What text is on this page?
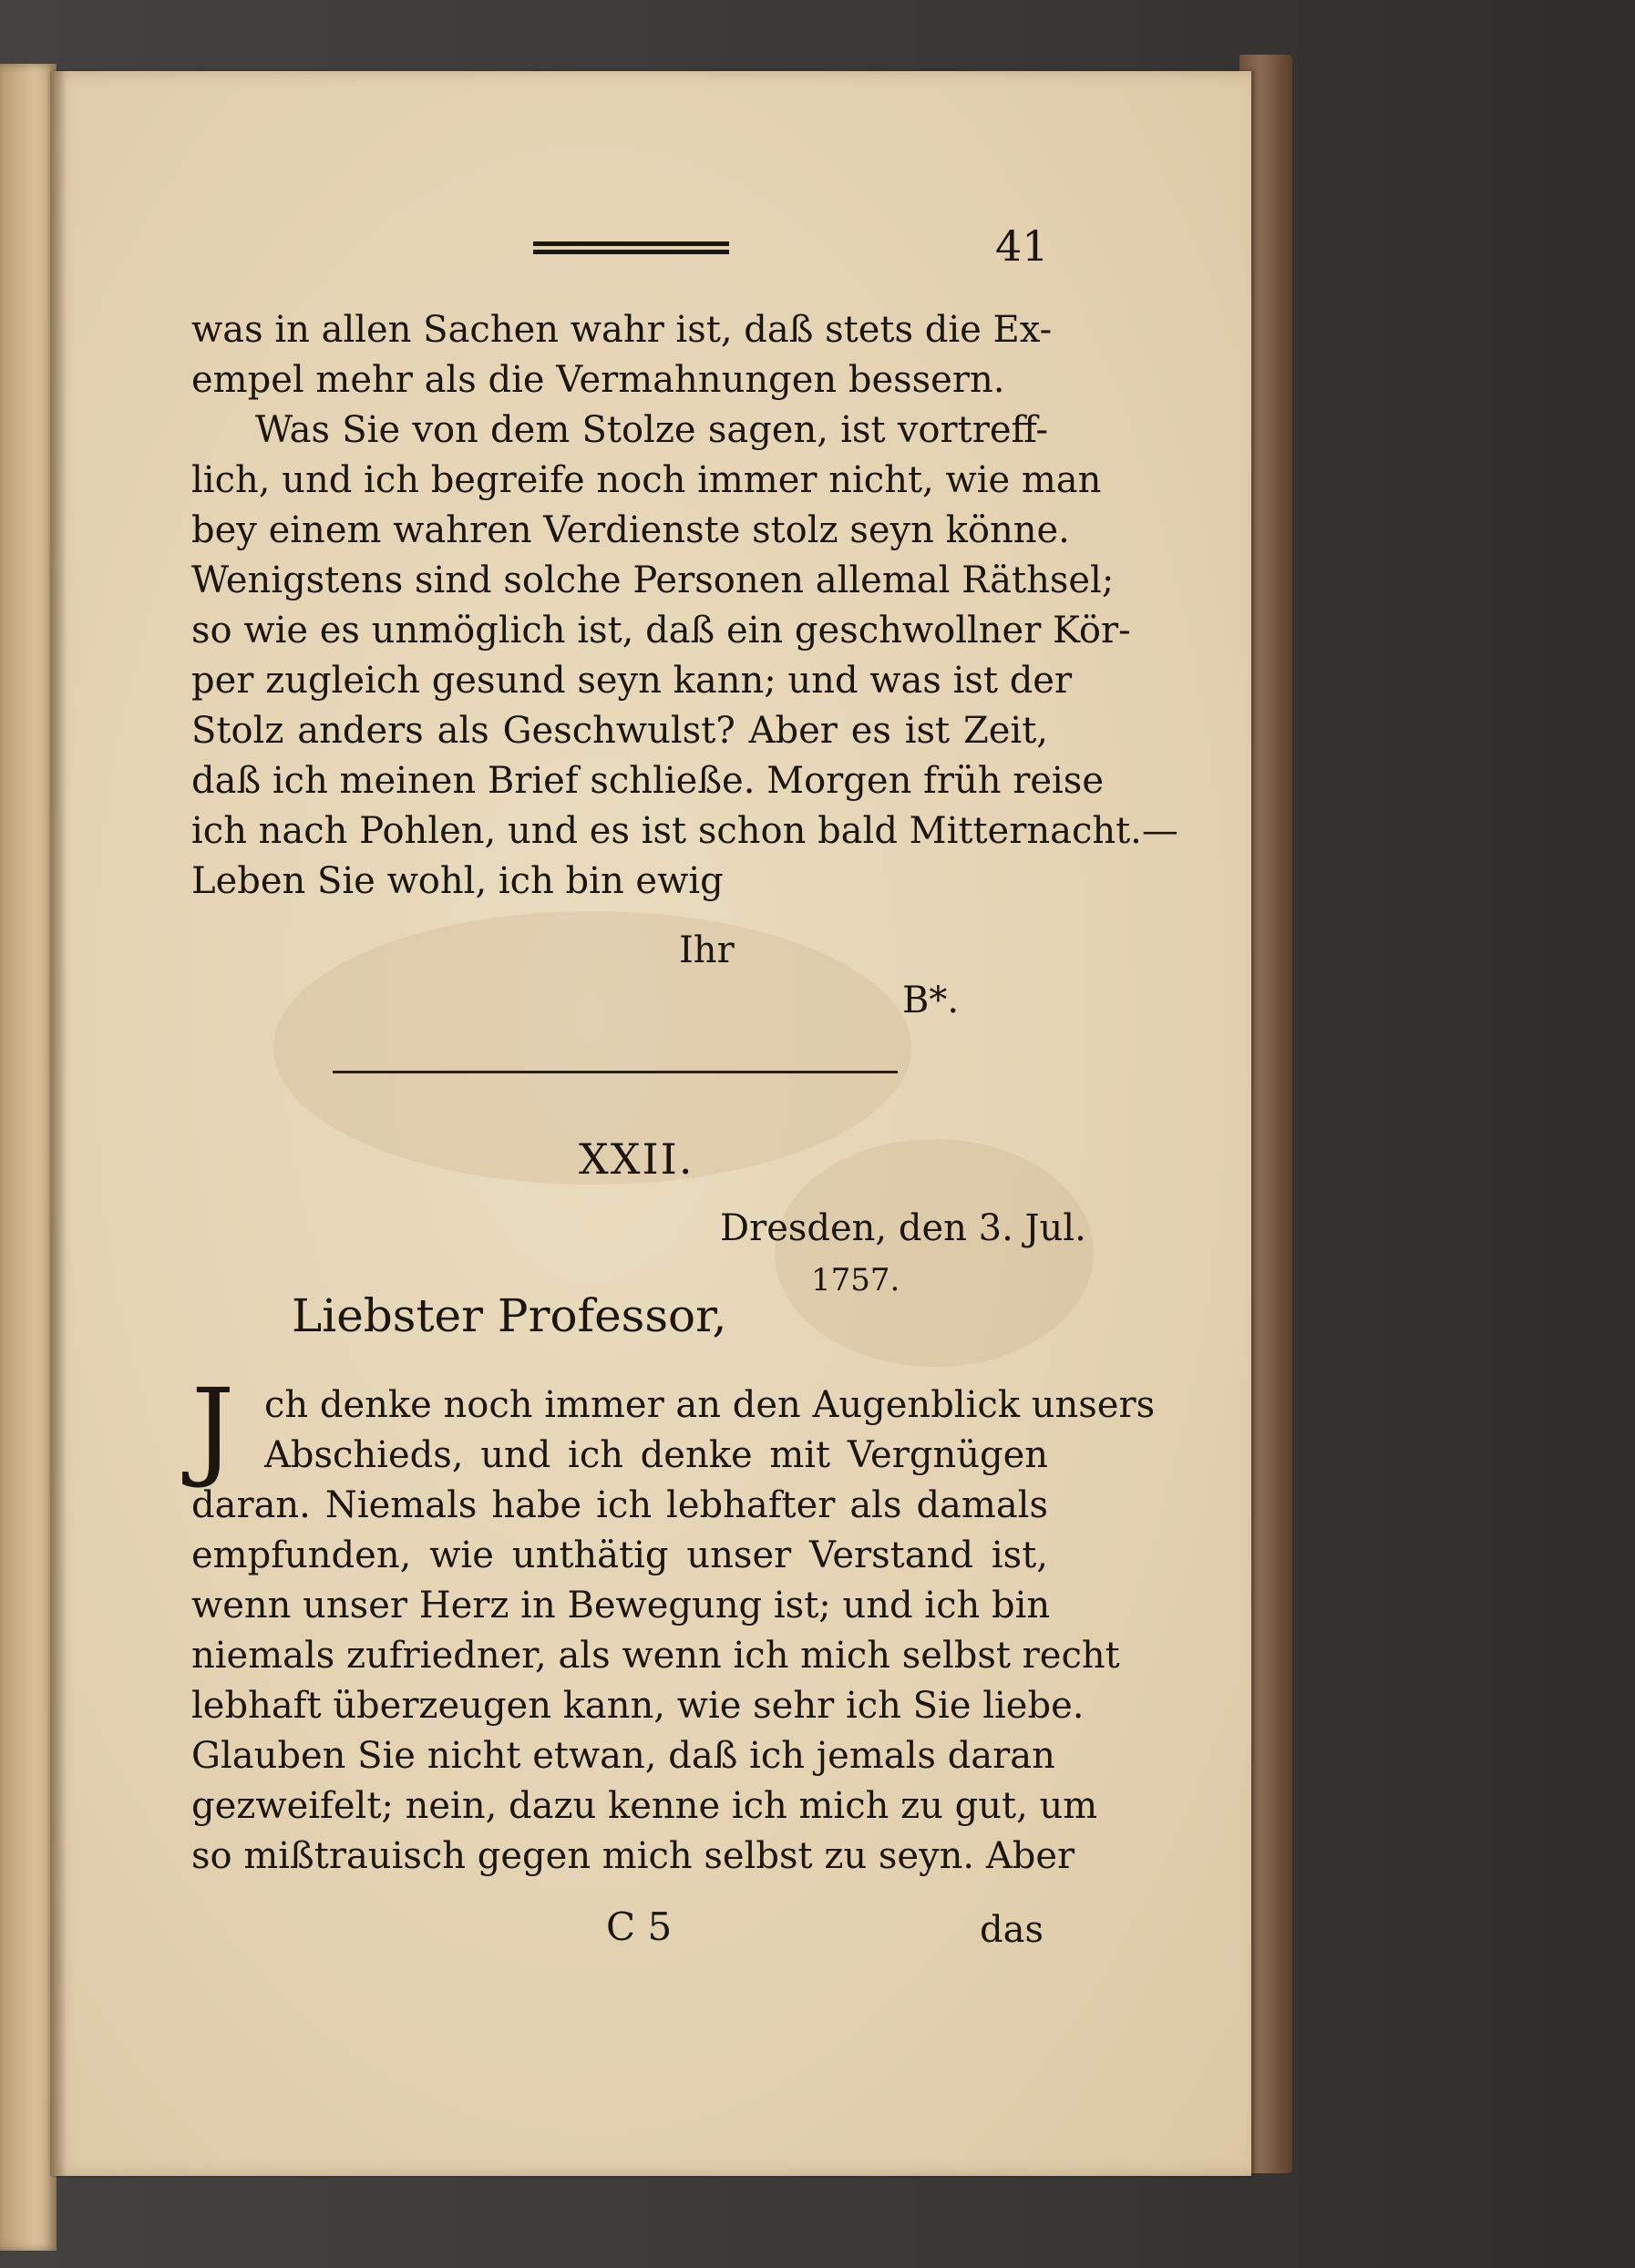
41
was in allen Sachen wahr ist, daß stets die Ex-
empel mehr als die Vermahnungen bessern.
Was Sie von dem Stolze sagen, ist vortreff-
lich, und ich begreife noch immer nicht, wie man
bey einem wahren Verdienste stolz seyn könne.
Wenigstens sind solche Personen allemal Räthsel;
so wie es unmöglich ist, daß ein geschwollner Kör-
per zugleich gesund seyn kann; und was ist der
Stolz anders als Geschwulst? Aber es ist Zeit,
daß ich meinen Brief schließe. Morgen früh reise
ich nach Pohlen, und es ist schon bald Mitternacht.—
Leben Sie wohl, ich bin ewig
Ihr
B*.
XXII.
Dresden, den 3. Jul.
1757.
Liebster Professor,
J ch denke noch immer an den Augenblick unsers
Abschieds, und ich denke mit Vergnügen
daran. Niemals habe ich lebhafter als damals
empfunden, wie unthätig unser Verstand ist,
wenn unser Herz in Bewegung ist; und ich bin
niemals zufriedner, als wenn ich mich selbst recht
lebhaft überzeugen kann, wie sehr ich Sie liebe.
Glauben Sie nicht etwan, daß ich jemals daran
gezweifelt; nein, dazu kenne ich mich zu gut, um
so mißtrauisch gegen mich selbst zu seyn. Aber
C 5	das
